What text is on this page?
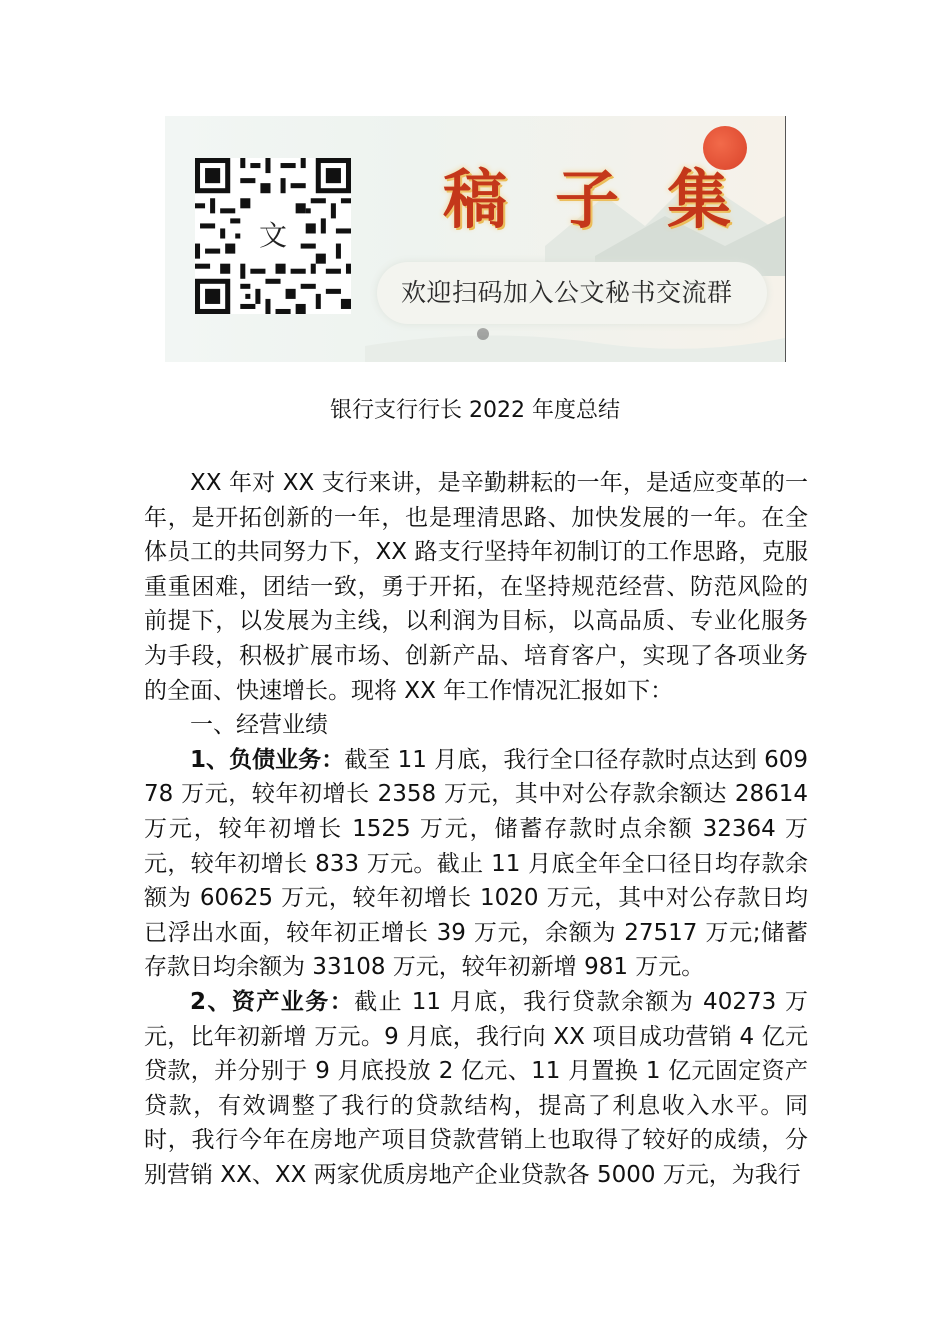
文 稿 子 集
欢迎扫码加入公文秘书交流群
银行支行行长 2022 年度总结

XX 年对 XX 支行来讲，是辛勤耕耘的一年，是适应变革的一年，是开拓创新的一年，也是理清思路、加快发展的一年。在全体员工的共同努力下，XX 路支行坚持年初制订的工作思路，克服重重困难，团结一致，勇于开拓，在坚持规范经营、防范风险的前提下，以发展为主线，以利润为目标，以高品质、专业化服务为手段，积极扩展市场、创新产品、培育客户，实现了各项业务的全面、快速增长。现将 XX 年工作情况汇报如下：

一、经营业绩

1、负债业务：截至 11 月底，我行全口径存款时点达到 60978 万元，较年初增长 2358 万元，其中对公存款余额达 28614 万元，较年初增长 1525 万元，储蓄存款时点余额 32364 万元，较年初增长 833 万元。截止 11 月底全年全口径日均存款余额为 60625 万元，较年初增长 1020 万元，其中对公存款日均已浮出水面，较年初正增长 39 万元，余额为 27517 万元;储蓄存款日均余额为 33108 万元，较年初新增 981 万元。

2、资产业务：截止 11 月底，我行贷款余额为 40273 万元，比年初新增 万元。9 月底，我行向 XX 项目成功营销 4 亿元贷款，并分别于 9 月底投放 2 亿元、11 月置换 1 亿元固定资产贷款，有效调整了我行的贷款结构，提高了利息收入水平。同时，我行今年在房地产项目贷款营销上也取得了较好的成绩，分别营销 XX、XX 两家优质房地产企业贷款各 5000 万元，为我行
